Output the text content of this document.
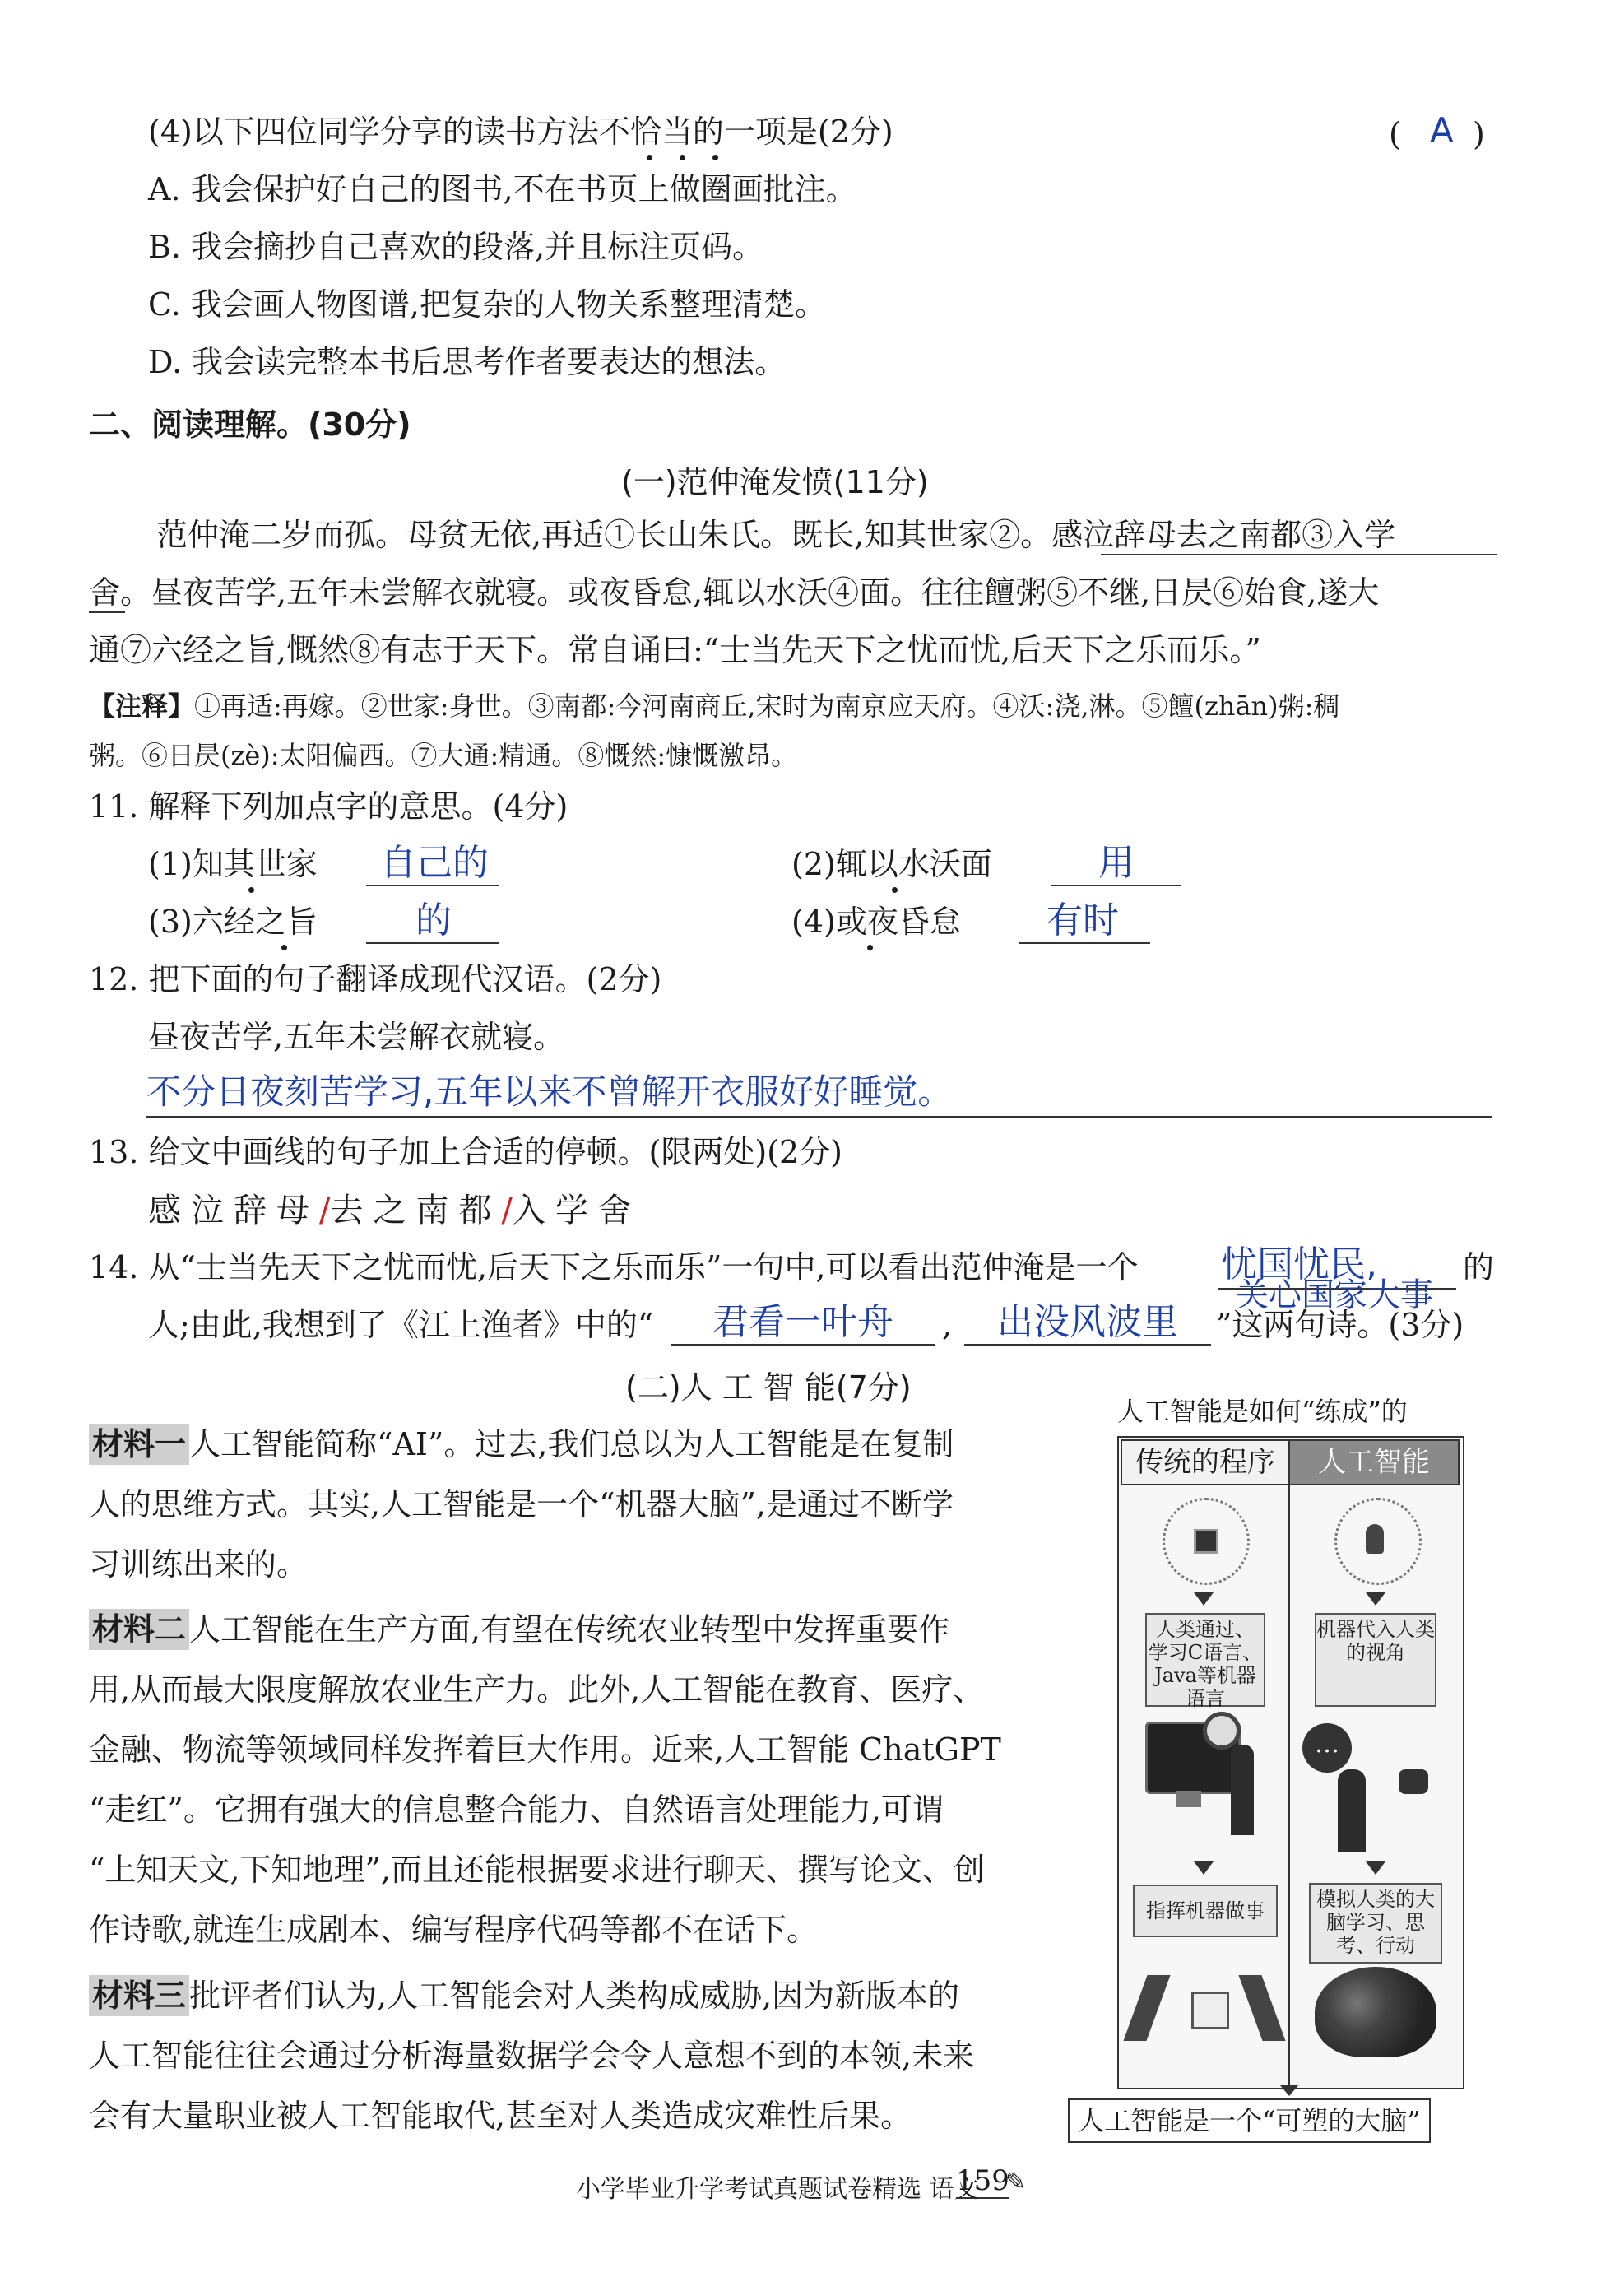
(4)以下四位同学分享的读书方法不恰当的一项是(2分)	( A )
A. 我会保护好自己的图书,不在书页上做圈画批注。
B. 我会摘抄自己喜欢的段落,并且标注页码。
C. 我会画人物图谱,把复杂的人物关系整理清楚。
D. 我会读完整本书后思考作者要表达的想法。
二、阅读理解。(30分)
(一)范仲淹发愤(11分)
范仲淹二岁而孤。母贫无依,再适①长山朱氏。既长,知其世家②。感泣辞母去之南都③入学
舍。昼夜苦学,五年未尝解衣就寝。或夜昏怠,辄以水沃④面。往往饘粥⑤不继,日昃⑥始食,遂大
通⑦六经之旨,慨然⑧有志于天下。常自诵曰:“士当先天下之忧而忧,后天下之乐而乐。”
【注释】①再适:再嫁。②世家:身世。③南都:今河南商丘,宋时为南京应天府。④沃:浇,淋。⑤饘(zhān)粥:稠
粥。⑥日昃(zè):太阳偏西。⑦大通:精通。⑧慨然:慷慨激昂。
11. 解释下列加点字的意思。(4分)
(1)知其世家 自己的	(2)辄以水沃面	用
(3)六经之旨	的	(4)或夜昏怠 有时
12. 把下面的句子翻译成现代汉语。(2分)
昼夜苦学,五年未尝解衣就寝。
不分日夜刻苦学习,五年以来不曾解开衣服好好睡觉。
13. 给文中画线的句子加上合适的停顿。(限两处)(2分)
感泣辞母/去之南都/入学舍
14. 从“士当先天下之忧而忧,后天下之乐而乐”一句中,可以看出范仲淹是一个 忧国忧民,	的
人;由此,我想到了《江上渔者》中的“ 君看一叶舟 , 出没风波里 ”这两句诗。(3分)
关心国家大事
(二)人 工 智 能(7分)
材料一 人工智能简称“AI”。过去,我们总以为人工智能是在复制
人的思维方式。其实,人工智能是一个“机器大脑”,是通过不断学
习训练出来的。
材料二 人工智能在生产方面,有望在传统农业转型中发挥重要作
用,从而最大限度解放农业生产力。此外,人工智能在教育、医疗、
金融、物流等领域同样发挥着巨大作用。近来,人工智能 ChatGPT
“走红”。它拥有强大的信息整合能力、自然语言处理能力,可谓
“上知天文,下知地理”,而且还能根据要求进行聊天、撰写论文、创
作诗歌,就连生成剧本、编写程序代码等都不在话下。
材料三 批评者们认为,人工智能会对人类构成威胁,因为新版本的
人工智能往往会通过分析海量数据学会令人意想不到的本领,未来
会有大量职业被人工智能取代,甚至对人类造成灾难性后果。
人工智能是如何“练成”的
传统的程序	人工智能
人类通过、学习C语言、Java等机器语言
指挥机器做事
机器代入人类的视角
…
模拟人类的大脑学习、思考、行动
人工智能是一个“可塑的大脑”
小学毕业升学考试真题试卷精选 语文
159
✎
